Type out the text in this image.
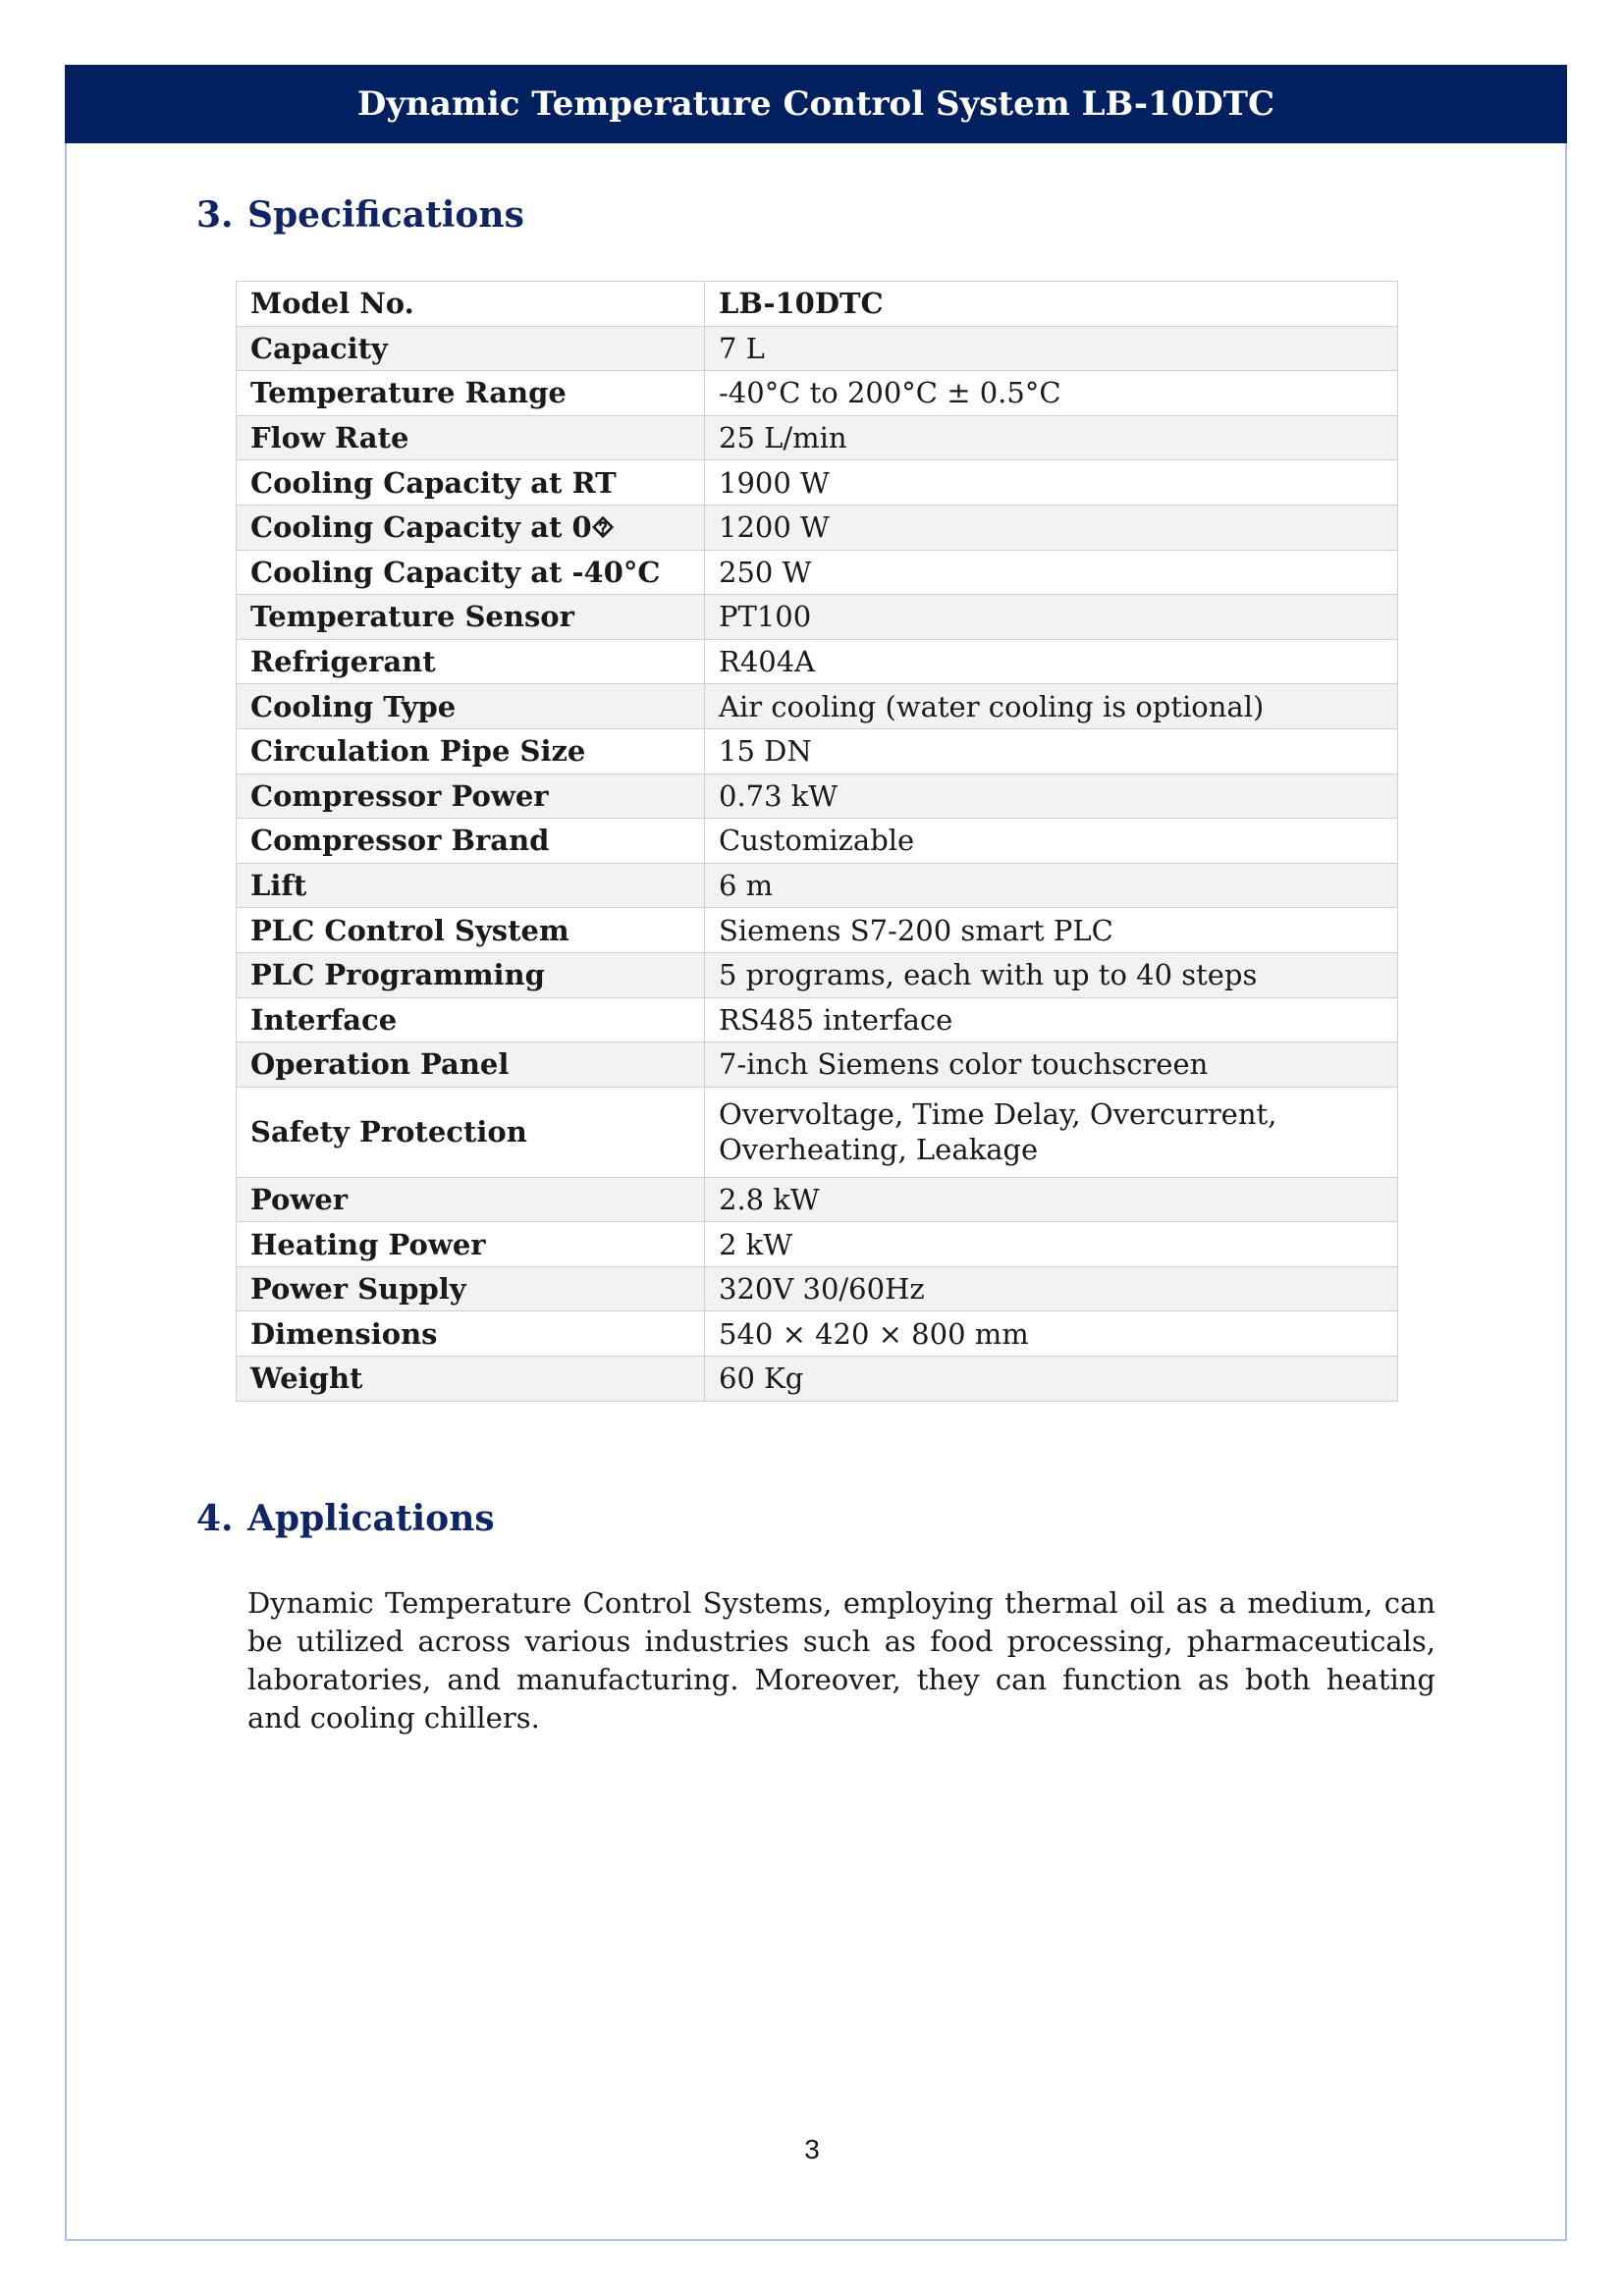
Dynamic Temperature Control System LB-10DTC
3. Specifications
Model No.	LB-10DTC
Capacity	7 L
Temperature Range	-40°C to 200°C ± 0.5°C
Flow Rate	25 L/min
Cooling Capacity at RT	1900 W
Cooling Capacity at 0⯑	1200 W
Cooling Capacity at -40°C	250 W
Temperature Sensor	PT100
Refrigerant	R404A
Cooling Type	Air cooling (water cooling is optional)
Circulation Pipe Size	15 DN
Compressor Power	0.73 kW
Compressor Brand	Customizable
Lift	6 m
PLC Control System	Siemens S7-200 smart PLC
PLC Programming	5 programs, each with up to 40 steps
Interface	RS485 interface
Operation Panel	7-inch Siemens color touchscreen
Safety Protection	Overvoltage, Time Delay, Overcurrent, Overheating, Leakage
Power	2.8 kW
Heating Power	2 kW
Power Supply	320V 30/60Hz
Dimensions	540 × 420 × 800 mm
Weight	60 Kg
4. Applications
Dynamic Temperature Control Systems, employing thermal oil as a medium, can be utilized across various industries such as food processing, pharmaceuticals, laboratories, and manufacturing. Moreover, they can function as both heating and cooling chillers.
3
